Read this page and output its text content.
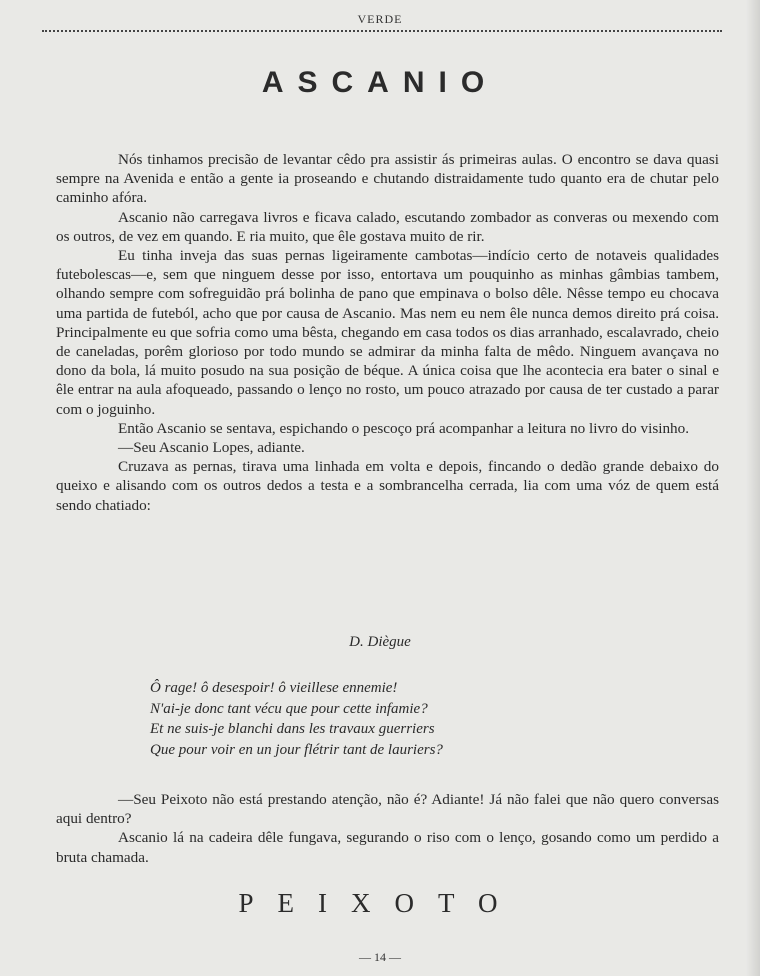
VERDE
ASCANIO

Nós tinhamos precisão de levantar cêdo pra assistir ás primeiras aulas. O encontro se dava quasi sempre na Avenida e então a gente ia proseando e chutando distraidamente tudo quanto era de chutar pelo caminho afóra.

Ascanio não carregava livros e ficava calado, escutando zombador as converas ou mexendo com os outros, de vez em quando. E ria muito, que êle gostava muito de rir.

Eu tinha inveja das suas pernas ligeiramente cambotas—indício certo de notaveis qualidades futebolescas—e, sem que ninguem desse por isso, entortava um pouquinho as minhas gâmbias tambem, olhando sempre com sofreguidão prá bolinha de pano que empinava o bolso dêle. Nêsse tempo eu chocava uma partida de futeból, acho que por causa de Ascanio. Mas nem eu nem êle nunca demos direito prá coisa. Principalmente eu que sofria como uma bêsta, chegando em casa todos os dias arranhado, escalavrado, cheio de caneladas, porêm glorioso por todo mundo se admirar da minha falta de mêdo. Ninguem avançava no dono da bola, lá muito posudo na sua posição de béque. A única coisa que lhe acontecia era bater o sinal e êle entrar na aula afoqueado, passando o lenço no rosto, um pouco atrazado por causa de ter custado a parar com o joguinho.

Então Ascanio se sentava, espichando o pescoço prá acompanhar a leitura no livro do visinho.

—Seu Ascanio Lopes, adiante.

Cruzava as pernas, tirava uma linhada em volta e depois, fincando o dedão grande debaixo do queixo e alisando com os outros dedos a testa e a sombrancelha cerrada, lia com uma vóz de quem está sendo chatiado:

D. Diègue
Ô rage! ô desespoir! ô vieillese ennemie!
N'ai-je donc tant vécu que pour cette infamie?
Et ne suis-je blanchi dans les travaux guerriers
Que pour voir en un jour flétrir tant de lauriers?

—Seu Peixoto não está prestando atenção, não é? Adiante! Já não falei que não quero conversas aqui dentro?

Ascanio lá na cadeira dêle fungava, segurando o riso com o lenço, gosando como um perdido a bruta chamada.

PEIXOTO
— 14 —
